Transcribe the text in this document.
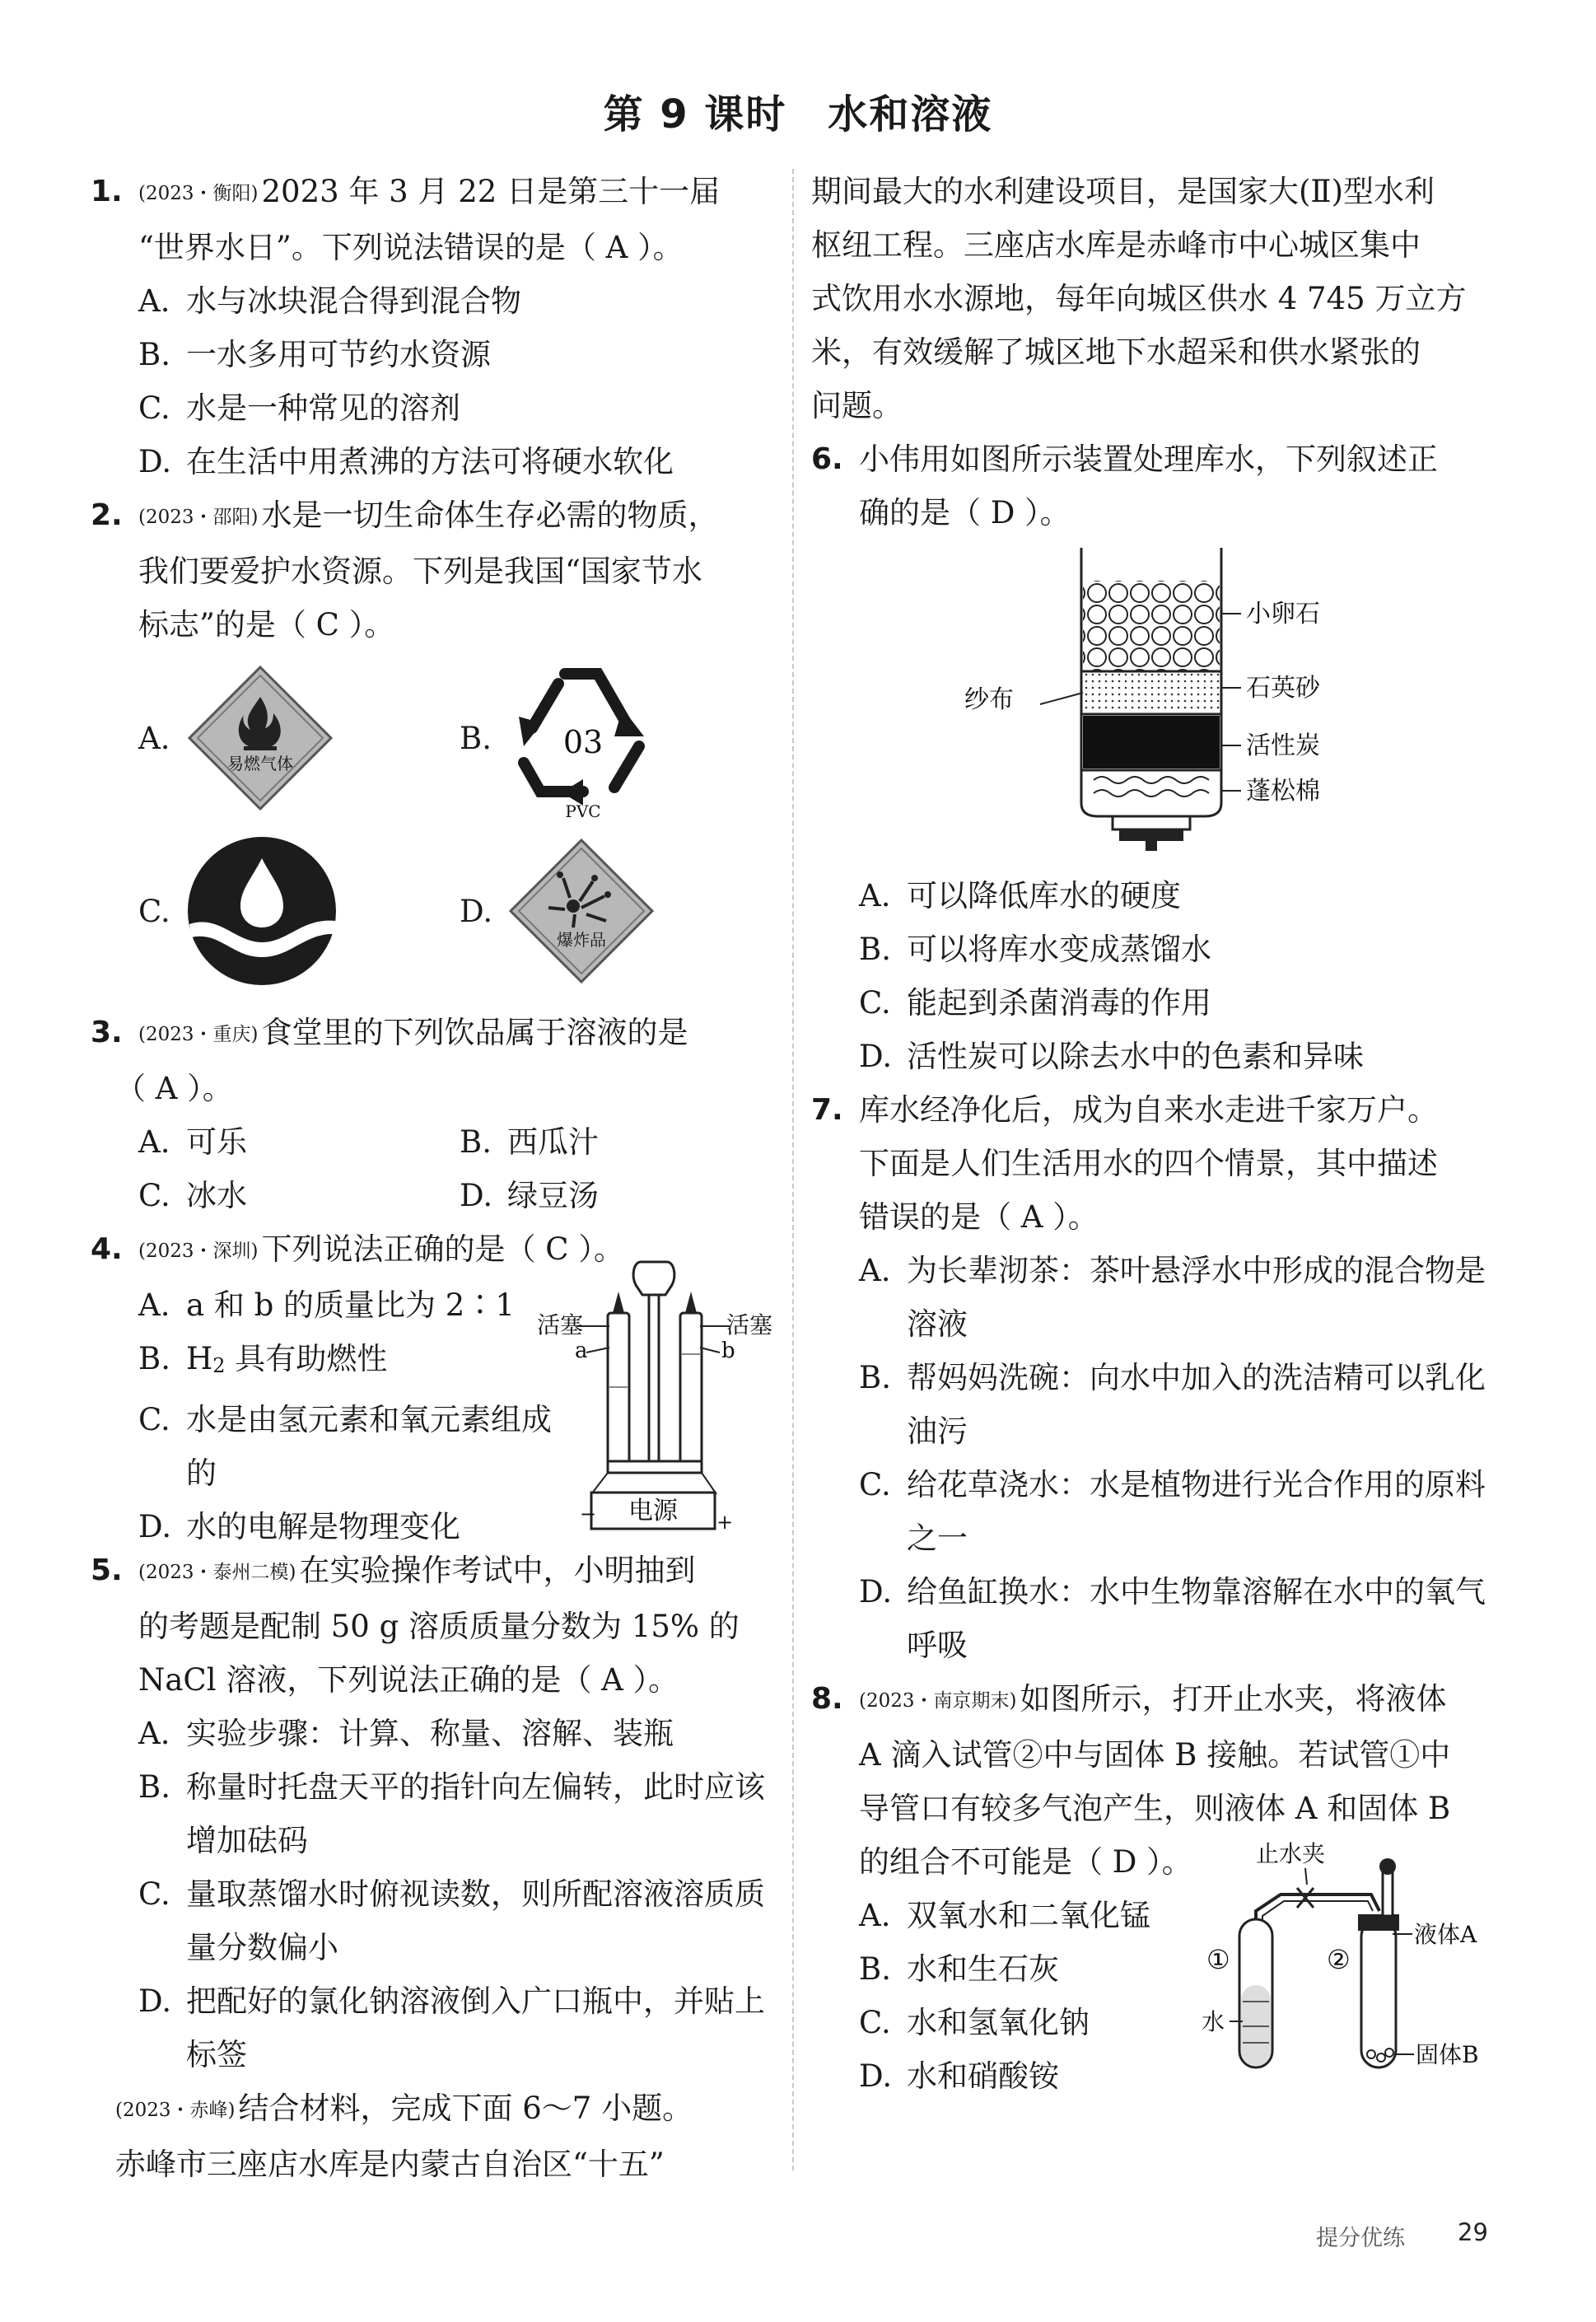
第 9 课时　水和溶液
1. (2023・衡阳) 2023 年 3 月 22 日是第三十一届
“世界水日”。下列说法错误的是（ A ）。
A. 水与冰块混合得到混合物
B. 一水多用可节约水资源
C. 水是一种常见的溶剂
D. 在生活中用煮沸的方法可将硬水软化
2. (2023・邵阳) 水是一切生命体生存必需的物质，
我们要爱护水资源。下列是我国“国家节水
标志”的是（ C ）。
A.
易燃气体
B.	03
PVC
C.	D.
爆炸品
3. (2023・重庆) 食堂里的下列饮品属于溶液的是
（ A ）。
A. 可乐	B. 西瓜汁
C. 冰水	D. 绿豆汤
4. (2023・深圳) 下列说法正确的是（ C ）。
A. a 和 b 的质量比为 2∶1
B. H2 具有助燃性
C. 水是由氢元素和氧元素组成的
D. 水的电解是物理变化
活塞	活塞
a	b
电源
−	+
5. (2023・泰州二模) 在实验操作考试中，小明抽到
的考题是配制 50 g 溶质质量分数为 15% 的
NaCl 溶液，下列说法正确的是（ A ）。
A. 实验步骤：计算、称量、溶解、装瓶
B. 称量时托盘天平的指针向左偏转，此时应该增加砝码
C. 量取蒸馏水时俯视读数，则所配溶液溶质质量分数偏小
D. 把配好的氯化钠溶液倒入广口瓶中，并贴上标签
(2023・赤峰) 结合材料，完成下面 6～7 小题。
赤峰市三座店水库是内蒙古自治区“十五”
期间最大的水利建设项目，是国家大(Ⅱ)型水利
枢纽工程。三座店水库是赤峰市中心城区集中
式饮用水水源地，每年向城区供水 4 745 万立方
米，有效缓解了城区地下水超采和供水紧张的
问题。
6. 小伟用如图所示装置处理库水，下列叙述正
确的是（ D ）。
小卵石
石英砂
活性炭
蓬松棉
纱布
A. 可以降低库水的硬度
B. 可以将库水变成蒸馏水
C. 能起到杀菌消毒的作用
D. 活性炭可以除去水中的色素和异味
7. 库水经净化后，成为自来水走进千家万户。
下面是人们生活用水的四个情景，其中描述
错误的是（ A ）。
A. 为长辈沏茶：茶叶悬浮水中形成的混合物是溶液
B. 帮妈妈洗碗：向水中加入的洗洁精可以乳化油污
C. 给花草浇水：水是植物进行光合作用的原料之一
D. 给鱼缸换水：水中生物靠溶解在水中的氧气呼吸
8. (2023・南京期末) 如图所示，打开止水夹，将液体
A 滴入试管②中与固体 B 接触。若试管①中
导管口有较多气泡产生，则液体 A 和固体 B
的组合不可能是（ D ）。
A. 双氧水和二氧化锰
B. 水和生石灰
C. 水和氢氧化钠
D. 水和硝酸铵
止水夹
液体A
固体B
水
①	②
提分优练 29
